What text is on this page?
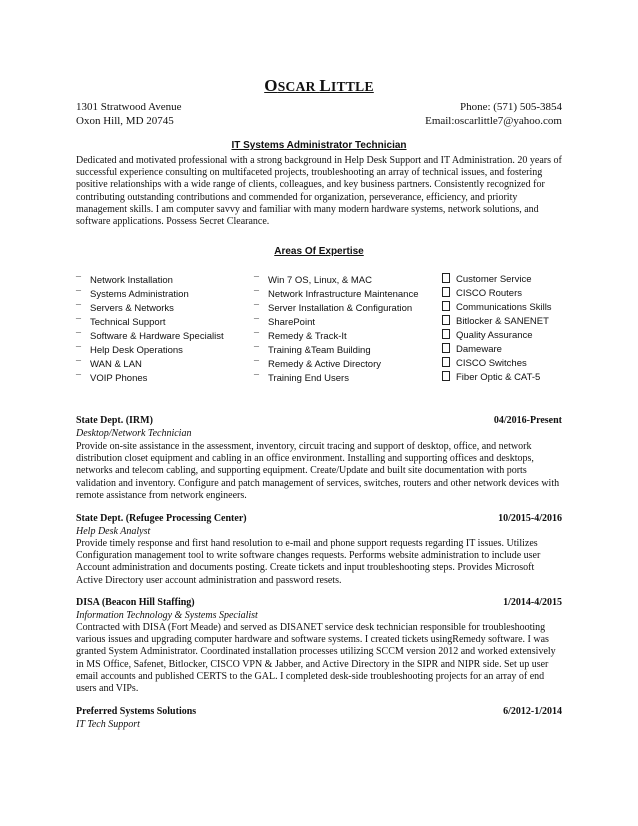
OSCAR LITTLE
1301 Stratwood Avenue	Phone: (571) 505-3854
Oxon Hill, MD 20745	Email:oscarlittle7@yahoo.com
IT Systems Administrator Technician
Dedicated and motivated professional with a strong background in Help Desk Support and IT Administration. 20 years of successful experience consulting on multifaceted projects, troubleshooting an array of technical issues, and fostering positive relationships with a wide range of clients, colleagues, and key business partners. Consistently recognized for contributing outstanding contributions and commended for organization, perseverance, efficiency, and priority management skills. I am computer savvy and familiar with many modern hardware systems, network solutions, and software applications. Possess Secret Clearance.
Areas Of Expertise
¯ Network Installation
¯ Systems Administration
¯ Servers & Networks
¯ Technical Support
¯ Software & Hardware Specialist
¯ Help Desk Operations
¯ WAN & LAN
¯ VOIP Phones
¯ Win 7 OS, Linux, & MAC
¯ Network Infrastructure Maintenance
¯ Server Installation & Configuration
¯ SharePoint
¯ Remedy & Track-It
¯ Training &Team Building
¯ Remedy & Active Directory
¯ Training End Users
Customer Service
CISCO Routers
Communications Skills
Bitlocker & SANENET
Quality Assurance
Dameware
CISCO Switches
Fiber Optic & CAT-5
State Dept. (IRM)	04/2016-Present
Desktop/Network Technician
Provide on-site assistance in the assessment, inventory, circuit tracing and support of desktop, office, and network distribution closet equipment and cabling in an office environment. Installing and supporting offices and desktops, networks and telecom cabling, and supporting equipment. Create/Update and built site documentation with ports validation and inventory. Configure and patch management of services, switches, routers and other network devices with remote assistance from network engineers.
State Dept. (Refugee Processing Center)	10/2015-4/2016
Help Desk Analyst
Provide timely response and first hand resolution to e-mail and phone support requests regarding IT issues. Utilizes Configuration management tool to write software changes requests. Performs website administration to include user Account administration and documents posting. Create tickets and input troubleshooting steps. Provides Microsoft Active Directory user account administration and password resets.
DISA (Beacon Hill Staffing)	1/2014-4/2015
Information Technology & Systems Specialist
Contracted with DISA (Fort Meade) and served as DISANET service desk technician responsible for troubleshooting various issues and upgrading computer hardware and software systems. I created tickets usingRemedy software. I was granted System Administrator. Coordinated installation processes utilizing SCCM version 2012 and worked extensively in MS Office, Safenet, Bitlocker, CISCO VPN & Jabber, and Active Directory in the SIPR and NIPR side. Set up user email accounts and published CERTS to the GAL. I completed desk-side troubleshooting projects for an array of end users and VIPs.
Preferred Systems Solutions	6/2012-1/2014
IT Tech Support
